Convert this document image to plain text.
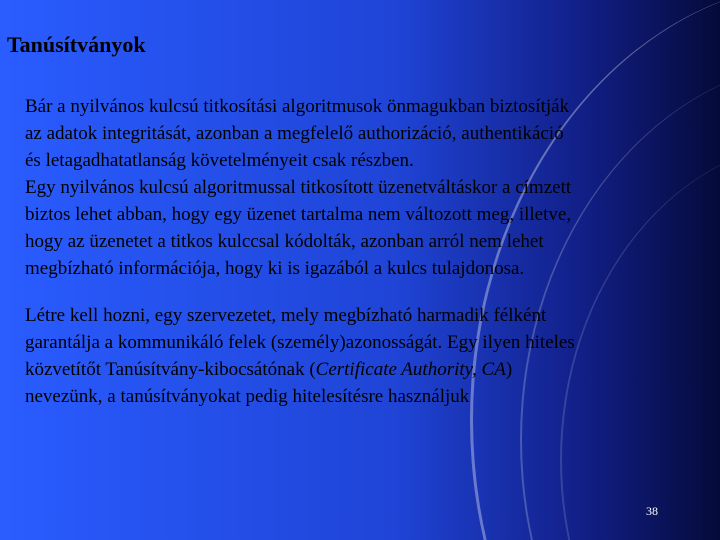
Tanúsítványok

Bár a nyilvános kulcsú titkosítási algoritmusok önmagukban biztosítják
az adatok integritását, azonban a megfelelő authorizáció, authentikáció
és letagadhatatlanság követelményeit csak részben.

Egy nyilvános kulcsú algoritmussal titkosított üzenetváltáskor a címzett
biztos lehet abban, hogy egy üzenet tartalma nem változott meg, illetve,
hogy az üzenetet a titkos kulccsal kódolták, azonban arról nem lehet
megbízható információja, hogy ki is igazából a kulcs tulajdonosa.

Létre kell hozni, egy szervezetet, mely megbízható harmadik félként
garantálja a kommunikáló felek (személy)azonosságát. Egy ilyen hiteles
közvetítőt Tanúsítvány-kibocsátónak (Certificate Authority, CA)
nevezünk, a tanúsítványokat pedig hitelesítésre használjuk

38
